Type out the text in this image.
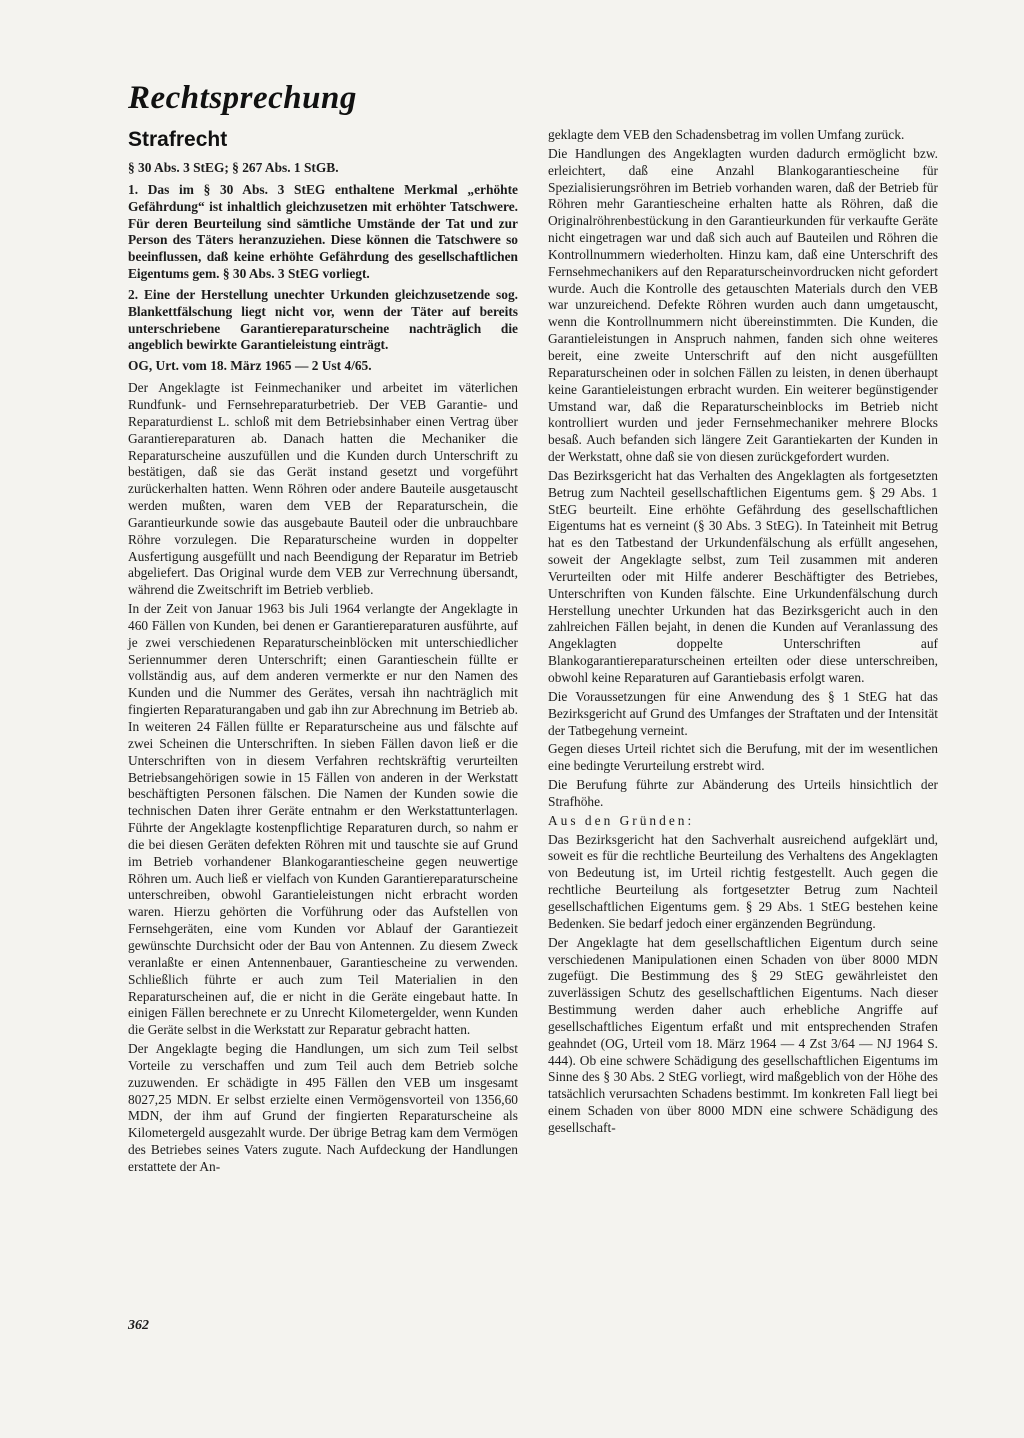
Rechtsprechung
Strafrecht
§ 30 Abs. 3 StEG; § 267 Abs. 1 StGB.
1. Das im § 30 Abs. 3 StEG enthaltene Merkmal „erhöhte Gefährdung“ ist inhaltlich gleichzusetzen mit erhöhter Tatschwere. Für deren Beurteilung sind sämtliche Umstände der Tat und zur Person des Täters heranzuziehen. Diese können die Tatschwere so beeinflussen, daß keine erhöhte Gefährdung des gesellschaftlichen Eigentums gem. § 30 Abs. 3 StEG vorliegt.
2. Eine der Herstellung unechter Urkunden gleichzusetzende sog. Blankettfälschung liegt nicht vor, wenn der Täter auf bereits unterschriebene Garantiereparaturscheine nachträglich die angeblich bewirkte Garantieleistung einträgt.
OG, Urt. vom 18. März 1965 — 2 Ust 4/65.
Der Angeklagte ist Feinmechaniker und arbeitet im väterlichen Rundfunk- und Fernsehreparaturbetrieb. Der VEB Garantie- und Reparaturdienst L. schloß mit dem Betriebsinhaber einen Vertrag über Garantiereparaturen ab. Danach hatten die Mechaniker die Reparaturscheine auszufüllen und die Kunden durch Unterschrift zu bestätigen, daß sie das Gerät instand gesetzt und vorgeführt zurückerhalten hatten. Wenn Röhren oder andere Bauteile ausgetauscht werden mußten, waren dem VEB der Reparaturschein, die Garantieurkunde sowie das ausgebaute Bauteil oder die unbrauchbare Röhre vorzulegen. Die Reparaturscheine wurden in doppelter Ausfertigung ausgefüllt und nach Beendigung der Reparatur im Betrieb abgeliefert. Das Original wurde dem VEB zur Verrechnung übersandt, während die Zweitschrift im Betrieb verblieb.
In der Zeit von Januar 1963 bis Juli 1964 verlangte der Angeklagte in 460 Fällen von Kunden, bei denen er Garantiereparaturen ausführte, auf je zwei verschiedenen Reparaturscheinblöcken mit unterschiedlicher Seriennummer deren Unterschrift; einen Garantieschein füllte er vollständig aus, auf dem anderen vermerkte er nur den Namen des Kunden und die Nummer des Gerätes, versah ihn nachträglich mit fingierten Reparaturangaben und gab ihn zur Abrechnung im Betrieb ab. In weiteren 24 Fällen füllte er Reparaturscheine aus und fälschte auf zwei Scheinen die Unterschriften. In sieben Fällen davon ließ er die Unterschriften von in diesem Verfahren rechtskräftig verurteilten Betriebsangehörigen sowie in 15 Fällen von anderen in der Werkstatt beschäftigten Personen fälschen. Die Namen der Kunden sowie die technischen Daten ihrer Geräte entnahm er den Werkstattunterlagen. Führte der Angeklagte kostenpflichtige Reparaturen durch, so nahm er die bei diesen Geräten defekten Röhren mit und tauschte sie auf Grund im Betrieb vorhandener Blankogarantiescheine gegen neuwertige Röhren um. Auch ließ er vielfach von Kunden Garantiereparaturscheine unterschreiben, obwohl Garantieleistungen nicht erbracht worden waren. Hierzu gehörten die Vorführung oder das Aufstellen von Fernsehgeräten, eine vom Kunden vor Ablauf der Garantiezeit gewünschte Durchsicht oder der Bau von Antennen. Zu diesem Zweck veranlaßte er einen Antennenbauer, Garantiescheine zu verwenden. Schließlich führte er auch zum Teil Materialien in den Reparaturscheinen auf, die er nicht in die Geräte eingebaut hatte. In einigen Fällen berechnete er zu Unrecht Kilometergelder, wenn Kunden die Geräte selbst in die Werkstatt zur Reparatur gebracht hatten.
Der Angeklagte beging die Handlungen, um sich zum Teil selbst Vorteile zu verschaffen und zum Teil auch dem Betrieb solche zuzuwenden. Er schädigte in 495 Fällen den VEB um insgesamt 8027,25 MDN. Er selbst erzielte einen Vermögensvorteil von 1356,60 MDN, der ihm auf Grund der fingierten Reparaturscheine als Kilometergeld ausgezahlt wurde. Der übrige Betrag kam dem Vermögen des Betriebes seines Vaters zugute. Nach Aufdeckung der Handlungen erstattete der An-
geklagte dem VEB den Schadensbetrag im vollen Umfang zurück.
Die Handlungen des Angeklagten wurden dadurch ermöglicht bzw. erleichtert, daß eine Anzahl Blankogarantiescheine für Spezialisierungsröhren im Betrieb vorhanden waren, daß der Betrieb für Röhren mehr Garantiescheine erhalten hatte als Röhren, daß die Originalröhrenbestückung in den Garantieurkunden für verkaufte Geräte nicht eingetragen war und daß sich auch auf Bauteilen und Röhren die Kontrollnummern wiederholten. Hinzu kam, daß eine Unterschrift des Fernsehmechanikers auf den Reparaturscheinvordrucken nicht gefordert wurde. Auch die Kontrolle des getauschten Materials durch den VEB war unzureichend. Defekte Röhren wurden auch dann umgetauscht, wenn die Kontrollnummern nicht übereinstimmten. Die Kunden, die Garantieleistungen in Anspruch nahmen, fanden sich ohne weiteres bereit, eine zweite Unterschrift auf den nicht ausgefüllten Reparaturscheinen oder in solchen Fällen zu leisten, in denen überhaupt keine Garantieleistungen erbracht wurden. Ein weiterer begünstigender Umstand war, daß die Reparaturscheinblocks im Betrieb nicht kontrolliert wurden und jeder Fernsehmechaniker mehrere Blocks besaß. Auch befanden sich längere Zeit Garantiekarten der Kunden in der Werkstatt, ohne daß sie von diesen zurückgefordert wurden.
Das Bezirksgericht hat das Verhalten des Angeklagten als fortgesetzten Betrug zum Nachteil gesellschaftlichen Eigentums gem. § 29 Abs. 1 StEG beurteilt. Eine erhöhte Gefährdung des gesellschaftlichen Eigentums hat es verneint (§ 30 Abs. 3 StEG). In Tateinheit mit Betrug hat es den Tatbestand der Urkundenfälschung als erfüllt angesehen, soweit der Angeklagte selbst, zum Teil zusammen mit anderen Verurteilten oder mit Hilfe anderer Beschäftigter des Betriebes, Unterschriften von Kunden fälschte. Eine Urkundenfälschung durch Herstellung unechter Urkunden hat das Bezirksgericht auch in den zahlreichen Fällen bejaht, in denen die Kunden auf Veranlassung des Angeklagten doppelte Unterschriften auf Blankogarantiereparaturscheinen erteilten oder diese unterschreiben, obwohl keine Reparaturen auf Garantiebasis erfolgt waren.
Die Voraussetzungen für eine Anwendung des § 1 StEG hat das Bezirksgericht auf Grund des Umfanges der Straftaten und der Intensität der Tatbegehung verneint.
Gegen dieses Urteil richtet sich die Berufung, mit der im wesentlichen eine bedingte Verurteilung erstrebt wird.
Die Berufung führte zur Abänderung des Urteils hinsichtlich der Strafhöhe.
Aus den Gründen:
Das Bezirksgericht hat den Sachverhalt ausreichend aufgeklärt und, soweit es für die rechtliche Beurteilung des Verhaltens des Angeklagten von Bedeutung ist, im Urteil richtig festgestellt. Auch gegen die rechtliche Beurteilung als fortgesetzter Betrug zum Nachteil gesellschaftlichen Eigentums gem. § 29 Abs. 1 StEG bestehen keine Bedenken. Sie bedarf jedoch einer ergänzenden Begründung.
Der Angeklagte hat dem gesellschaftlichen Eigentum durch seine verschiedenen Manipulationen einen Schaden von über 8000 MDN zugefügt. Die Bestimmung des § 29 StEG gewährleistet den zuverlässigen Schutz des gesellschaftlichen Eigentums. Nach dieser Bestimmung werden daher auch erhebliche Angriffe auf gesellschaftliches Eigentum erfaßt und mit entsprechenden Strafen geahndet (OG, Urteil vom 18. März 1964 — 4 Zst 3/64 — NJ 1964 S. 444). Ob eine schwere Schädigung des gesellschaftlichen Eigentums im Sinne des § 30 Abs. 2 StEG vorliegt, wird maßgeblich von der Höhe des tatsächlich verursachten Schadens bestimmt. Im konkreten Fall liegt bei einem Schaden von über 8000 MDN eine schwere Schädigung des gesellschaft-
362
